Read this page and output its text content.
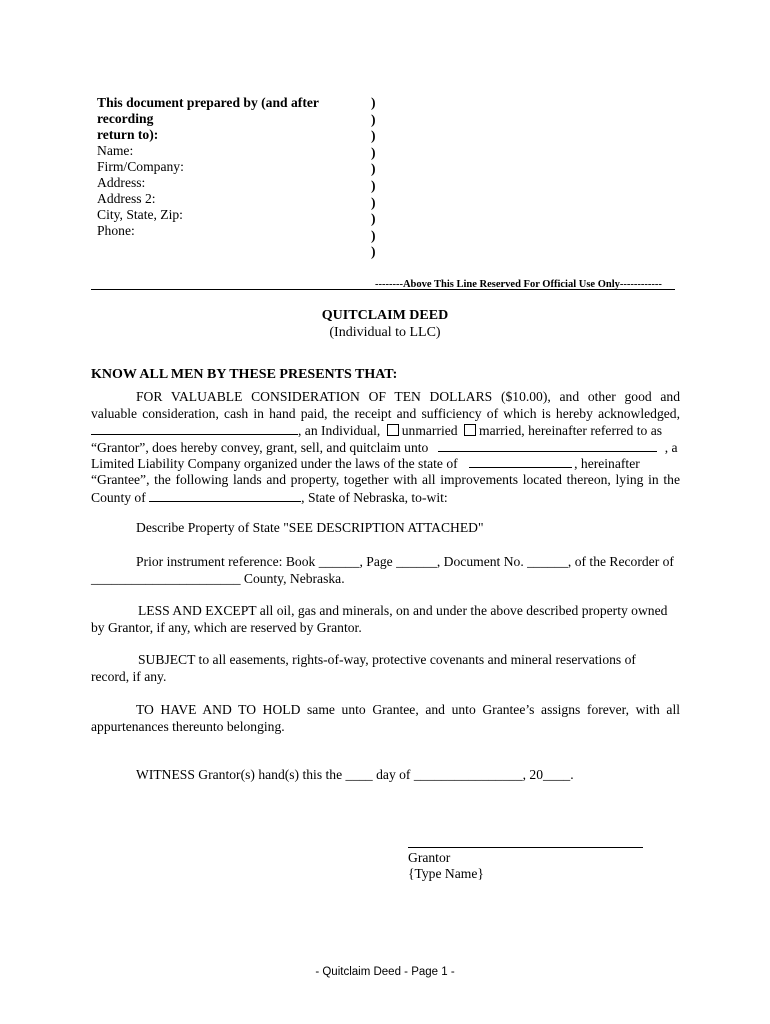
This document prepared by (and after recording
return to):
Name:
Firm/Company:
Address:
Address 2:
City, State, Zip:
Phone:
)
)
)
)
)
)
)
)
)
)
--------Above This Line Reserved For Official Use Only------------
QUITCLAIM DEED
(Individual to LLC)
KNOW ALL MEN BY THESE PRESENTS THAT:
FOR VALUABLE CONSIDERATION OF TEN DOLLARS ($10.00), and other good and
valuable consideration, cash in hand paid, the receipt and sufficiency of which is hereby acknowledged,
, an Individual, unmarried married, hereinafter referred to as
“Grantor”, does hereby convey, grant, sell, and quitclaim unto	, a
Limited Liability Company organized under the laws of the state of	, hereinafter
“Grantee”, the following lands and property, together with all improvements located thereon, lying in the
County of	, State of Nebraska, to-wit:
Describe Property of State "SEE DESCRIPTION ATTACHED"
Prior instrument reference: Book ______, Page ______, Document No. ______, of the Recorder of
______________________ County, Nebraska.
LESS AND EXCEPT all oil, gas and minerals, on and under the above described property owned
by Grantor, if any, which are reserved by Grantor.
SUBJECT to all easements, rights-of-way, protective covenants and mineral reservations of
record, if any.
TO HAVE AND TO HOLD same unto Grantee, and unto Grantee’s assigns forever, with all
appurtenances thereunto belonging.
WITNESS Grantor(s) hand(s) this the ____ day of ________________, 20____.
Grantor
{Type Name}
- Quitclaim Deed - Page 1 -
